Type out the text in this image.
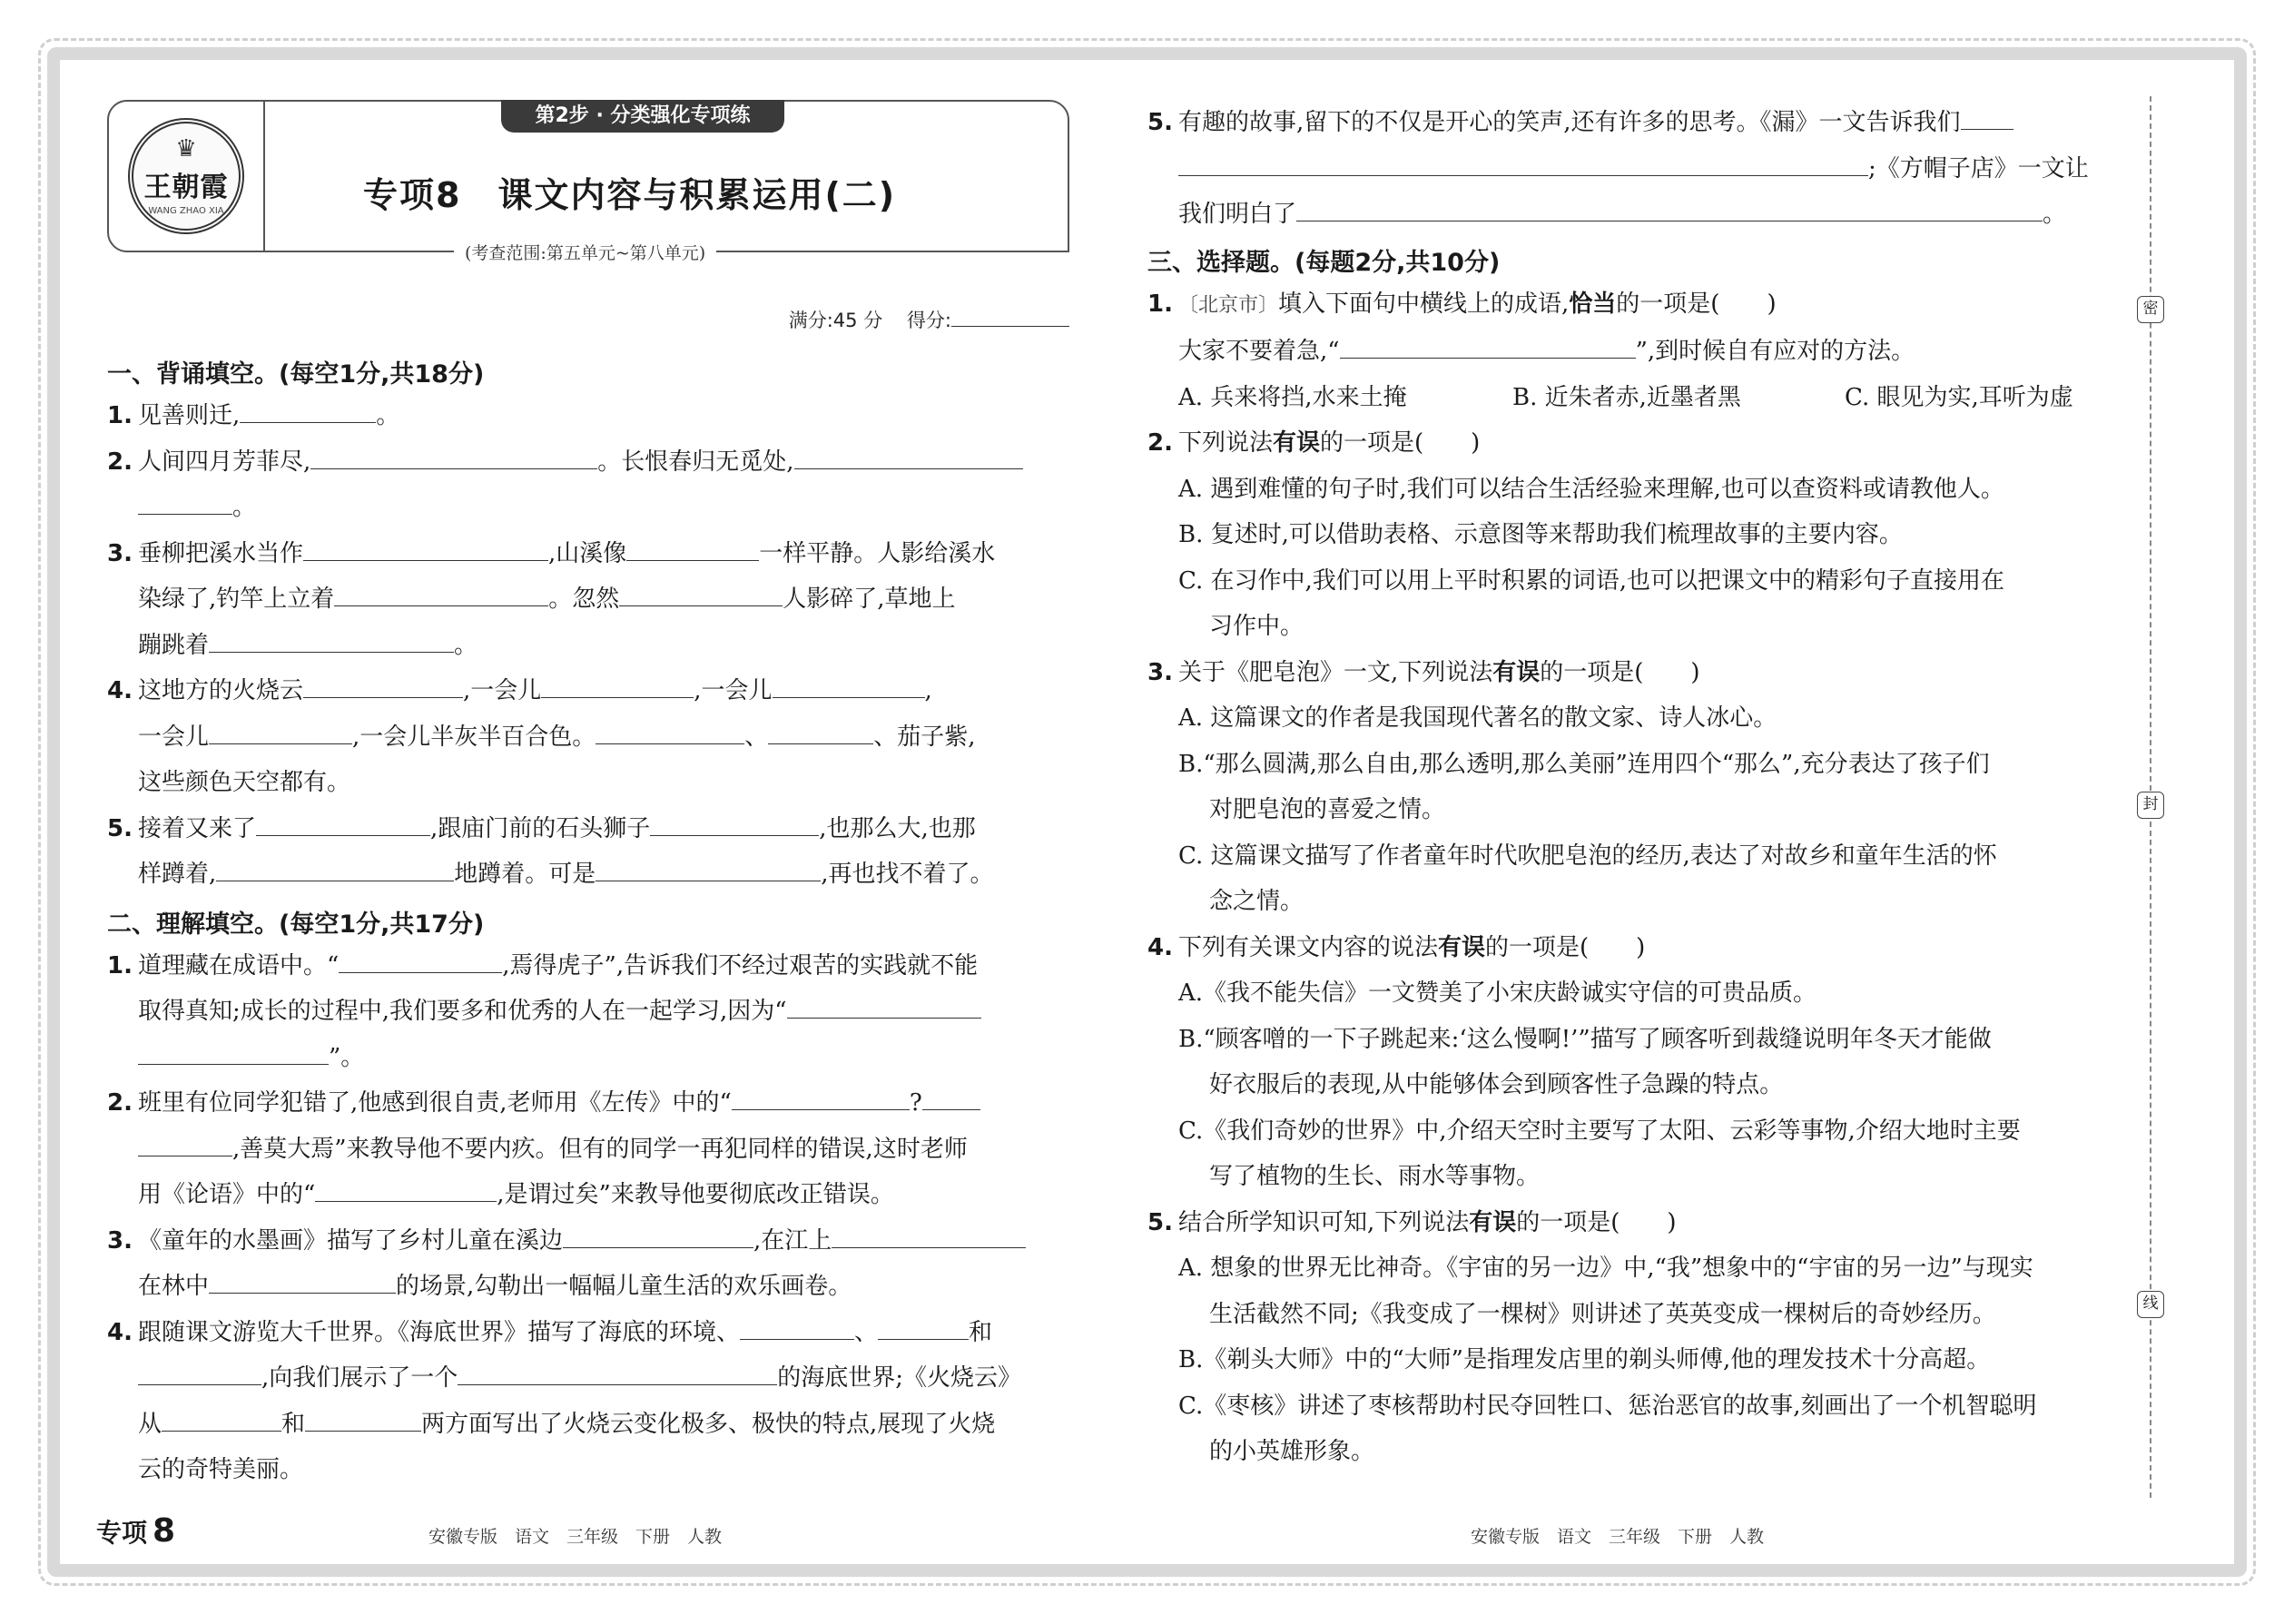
♛
王朝霞
WANG ZHAO XIA
第2步 · 分类强化专项练
专项8　课文内容与积累运用(二)
(考查范围:第五单元~第八单元)
满分:45 分 得分:
一、背诵填空。(每空1分,共18分)
1. 见善则迁,	。
2. 人间四月芳菲尽,	。长恨春归无觅处,
。
3. 垂柳把溪水当作	,山溪像	一样平静。人影给溪水
染绿了,钓竿上立着	。忽然	人影碎了,草地上
蹦跳着	。
4. 这地方的火烧云	,一会儿	,一会儿	,
一会儿	,一会儿半灰半百合色。	、	、茄子紫,
这些颜色天空都有。
5. 接着又来了	,跟庙门前的石头狮子	,也那么大,也那
样蹲着,	地蹲着。可是	,再也找不着了。
二、理解填空。(每空1分,共17分)
1. 道理藏在成语中。“	,焉得虎子”,告诉我们不经过艰苦的实践就不能
取得真知;成长的过程中,我们要多和优秀的人在一起学习,因为“
”。
2. 班里有位同学犯错了,他感到很自责,老师用《左传》中的“	?
,善莫大焉”来教导他不要内疚。但有的同学一再犯同样的错误,这时老师
用《论语》中的“	,是谓过矣”来教导他要彻底改正错误。
3. 《童年的水墨画》描写了乡村儿童在溪边	,在江上
在林中	的场景,勾勒出一幅幅儿童生活的欢乐画卷。
4. 跟随课文游览大千世界。《海底世界》描写了海底的环境、	、	和
,向我们展示了一个	的海底世界;《火烧云》
从	和	两方面写出了火烧云变化极多、极快的特点,展现了火烧
云的奇特美丽。
5. 有趣的故事,留下的不仅是开心的笑声,还有许多的思考。《漏》一文告诉我们
;《方帽子店》一文让
我们明白了	。
三、选择题。(每题2分,共10分)
1. 〔北京市〕填入下面句中横线上的成语,恰当的一项是(　　)
大家不要着急,“	”,到时候自有应对的方法。
A. 兵来将挡,水来土掩	B. 近朱者赤,近墨者黑	C. 眼见为实,耳听为虚
2. 下列说法有误的一项是(　　)
A. 遇到难懂的句子时,我们可以结合生活经验来理解,也可以查资料或请教他人。
B. 复述时,可以借助表格、示意图等来帮助我们梳理故事的主要内容。
C. 在习作中,我们可以用上平时积累的词语,也可以把课文中的精彩句子直接用在
习作中。
3. 关于《肥皂泡》一文,下列说法有误的一项是(　　)
A. 这篇课文的作者是我国现代著名的散文家、诗人冰心。
B.“那么圆满,那么自由,那么透明,那么美丽”连用四个“那么”,充分表达了孩子们
对肥皂泡的喜爱之情。
C. 这篇课文描写了作者童年时代吹肥皂泡的经历,表达了对故乡和童年生活的怀
念之情。
4. 下列有关课文内容的说法有误的一项是(　　)
A.《我不能失信》一文赞美了小宋庆龄诚实守信的可贵品质。
B.“顾客噌的一下子跳起来:‘这么慢啊!’”描写了顾客听到裁缝说明年冬天才能做
好衣服后的表现,从中能够体会到顾客性子急躁的特点。
C.《我们奇妙的世界》中,介绍天空时主要写了太阳、云彩等事物,介绍大地时主要
写了植物的生长、雨水等事物。
5. 结合所学知识可知,下列说法有误的一项是(　　)
A. 想象的世界无比神奇。《宇宙的另一边》中,“我”想象中的“宇宙的另一边”与现实
生活截然不同;《我变成了一棵树》则讲述了英英变成一棵树后的奇妙经历。
B.《剃头大师》中的“大师”是指理发店里的剃头师傅,他的理发技术十分高超。
C.《枣核》讲述了枣核帮助村民夺回牲口、惩治恶官的故事,刻画出了一个机智聪明
的小英雄形象。
密
封
线
专项 8	安徽专版　语文　三年级　下册　人教	安徽专版　语文　三年级　下册　人教
